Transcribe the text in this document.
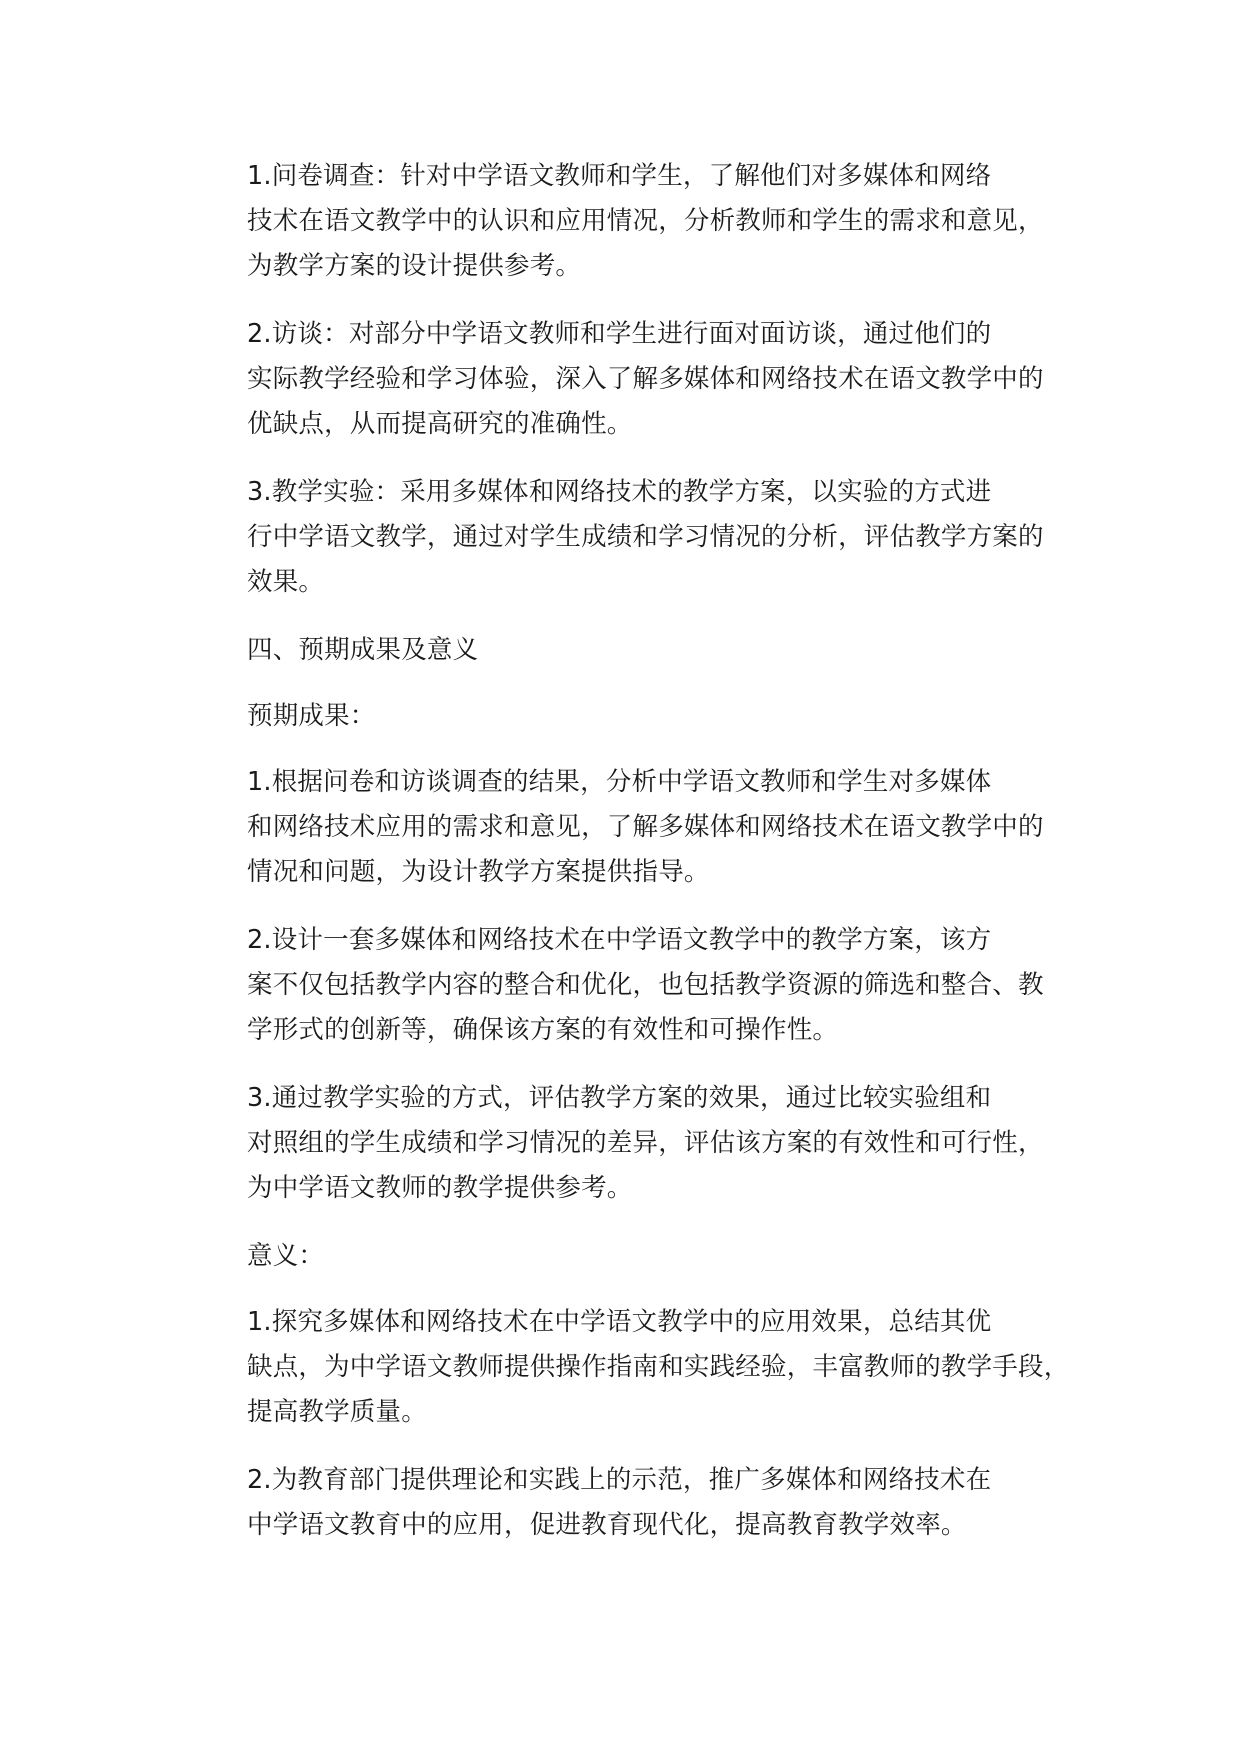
1.问卷调查：针对中学语文教师和学生，了解他们对多媒体和网络
技术在语文教学中的认识和应用情况，分析教师和学生的需求和意见，
为教学方案的设计提供参考。

2.访谈：对部分中学语文教师和学生进行面对面访谈，通过他们的
实际教学经验和学习体验，深入了解多媒体和网络技术在语文教学中的
优缺点，从而提高研究的准确性。

3.教学实验：采用多媒体和网络技术的教学方案，以实验的方式进
行中学语文教学，通过对学生成绩和学习情况的分析，评估教学方案的
效果。

四、预期成果及意义

预期成果：

1.根据问卷和访谈调查的结果，分析中学语文教师和学生对多媒体
和网络技术应用的需求和意见，了解多媒体和网络技术在语文教学中的
情况和问题，为设计教学方案提供指导。

2.设计一套多媒体和网络技术在中学语文教学中的教学方案，该方
案不仅包括教学内容的整合和优化，也包括教学资源的筛选和整合、教
学形式的创新等，确保该方案的有效性和可操作性。

3.通过教学实验的方式，评估教学方案的效果，通过比较实验组和
对照组的学生成绩和学习情况的差异，评估该方案的有效性和可行性，
为中学语文教师的教学提供参考。

意义：

1.探究多媒体和网络技术在中学语文教学中的应用效果，总结其优
缺点，为中学语文教师提供操作指南和实践经验，丰富教师的教学手段，
提高教学质量。

2.为教育部门提供理论和实践上的示范，推广多媒体和网络技术在
中学语文教育中的应用，促进教育现代化，提高教育教学效率。
